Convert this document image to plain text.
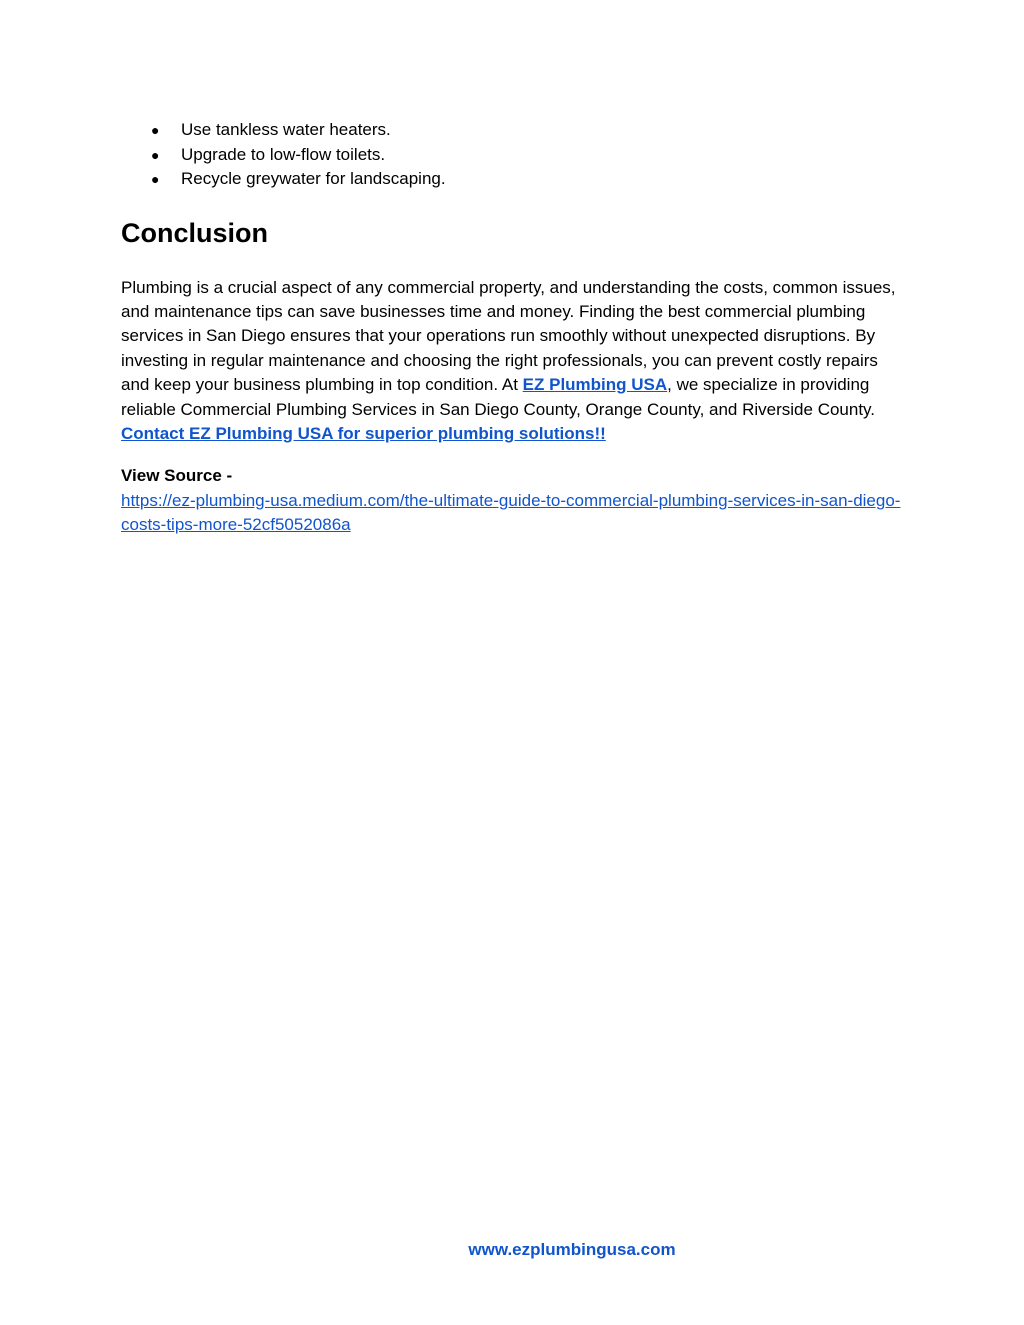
● Use tankless water heaters.
● Upgrade to low-flow toilets.
● Recycle greywater for landscaping.
Conclusion

Plumbing is a crucial aspect of any commercial property, and understanding the costs, common issues, and maintenance tips can save businesses time and money. Finding the best commercial plumbing services in San Diego ensures that your operations run smoothly without unexpected disruptions. By investing in regular maintenance and choosing the right professionals, you can prevent costly repairs and keep your business plumbing in top condition. At EZ Plumbing USA, we specialize in providing reliable Commercial Plumbing Services in San Diego County, Orange County, and Riverside County. Contact EZ Plumbing USA for superior plumbing solutions!!

View Source -
https://ez-plumbing-usa.medium.com/the-ultimate-guide-to-commercial-plumbing-services-in-san-diego-costs-tips-more-52cf5052086a
www.ezplumbingusa.com
